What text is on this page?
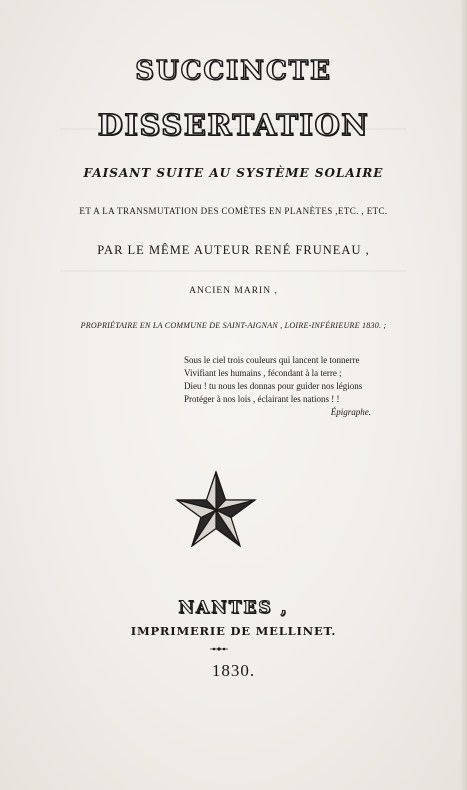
SUCCINCTE
DISSERTATION
FAISANT SUITE AU SYSTÈME SOLAIRE
ET A LA TRANSMUTATION DES COMÈTES EN PLANÈTES ,ETC. , ETC.
PAR LE MÊME AUTEUR RENÉ FRUNEAU ,
ANCIEN MARIN ,
PROPRIÉTAIRE EN LA COMMUNE DE SAINT-AIGNAN , LOIRE-INFÉRIEURE 1830. ;
Sous le ciel trois couleurs qui lancent le tonnerre
Vivifiant les humains , fécondant à la terre ;
Dieu ! tu nous les donnas pour guider nos légions
Protéger à nos lois , éclairant les nations ! !
Épigraphe.
NANTES ,
IMPRIMERIE DE MELLINET.
1830.
